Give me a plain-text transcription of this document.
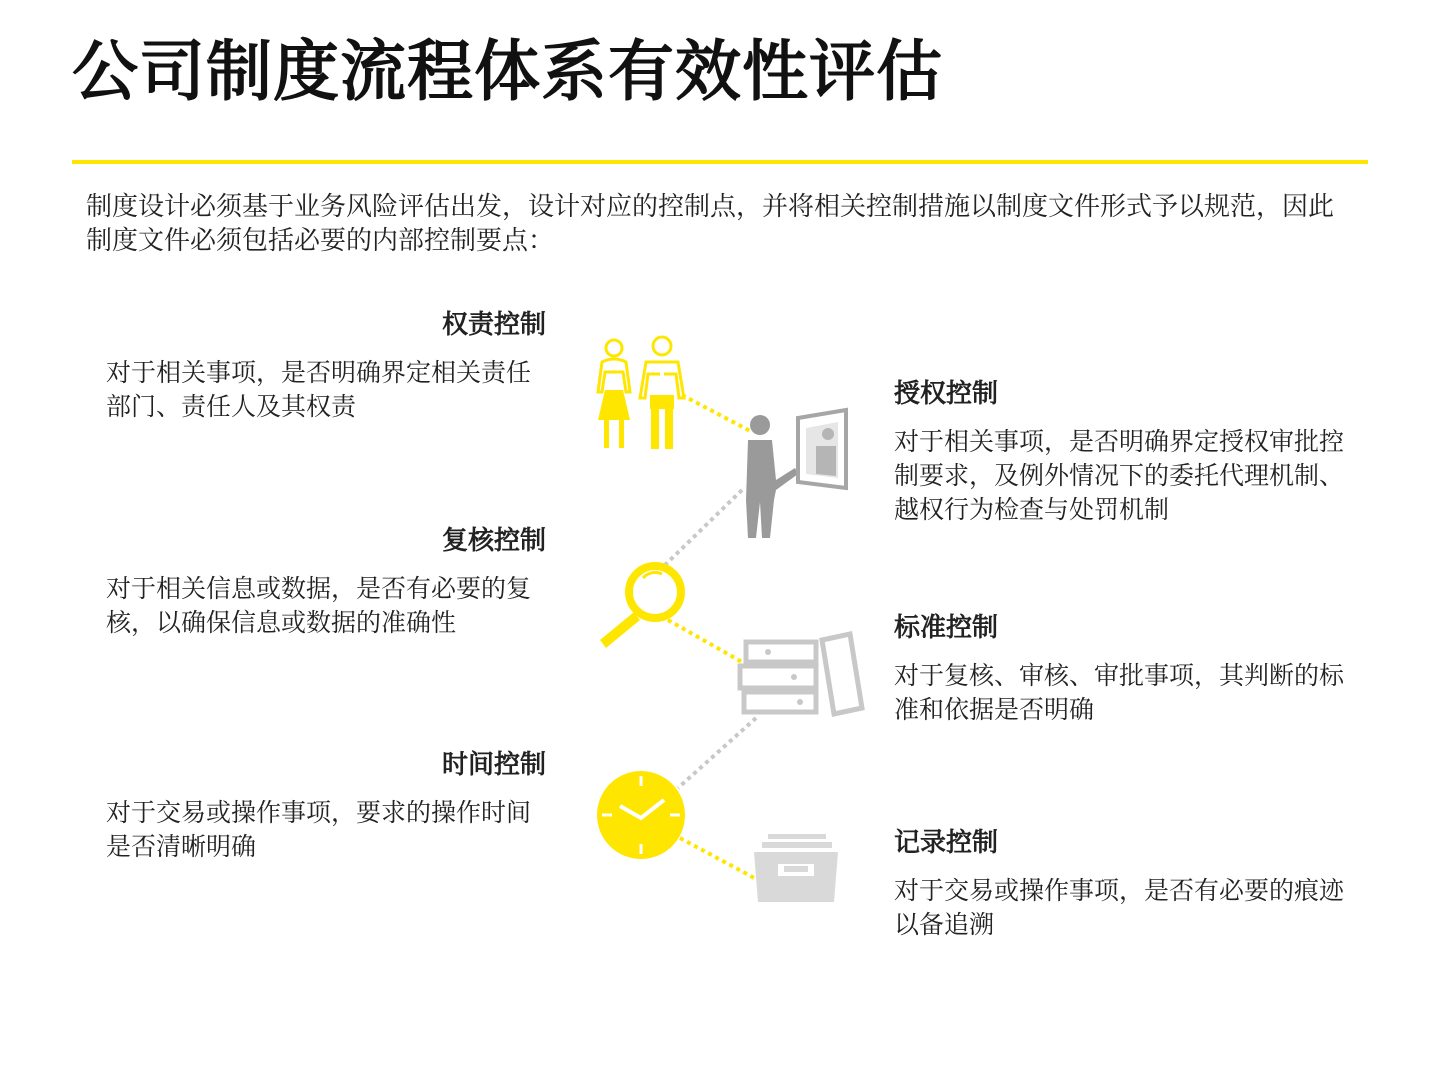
公司制度流程体系有效性评估

制度设计必须基于业务风险评估出发，设计对应的控制点，并将相关控制措施以制度文件形式予以规范，因此制度文件必须包括必要的内部控制要点：

权责控制

对于相关事项，是否明确界定相关责任部门、责任人及其权责

复核控制

对于相关信息或数据，是否有必要的复核，以确保信息或数据的准确性

时间控制

对于交易或操作事项，要求的操作时间是否清晰明确

授权控制

对于相关事项，是否明确界定授权审批控制要求，及例外情况下的委托代理机制、越权行为检查与处罚机制

标准控制

对于复核、审核、审批事项，其判断的标准和依据是否明确

记录控制

对于交易或操作事项，是否有必要的痕迹以备追溯
